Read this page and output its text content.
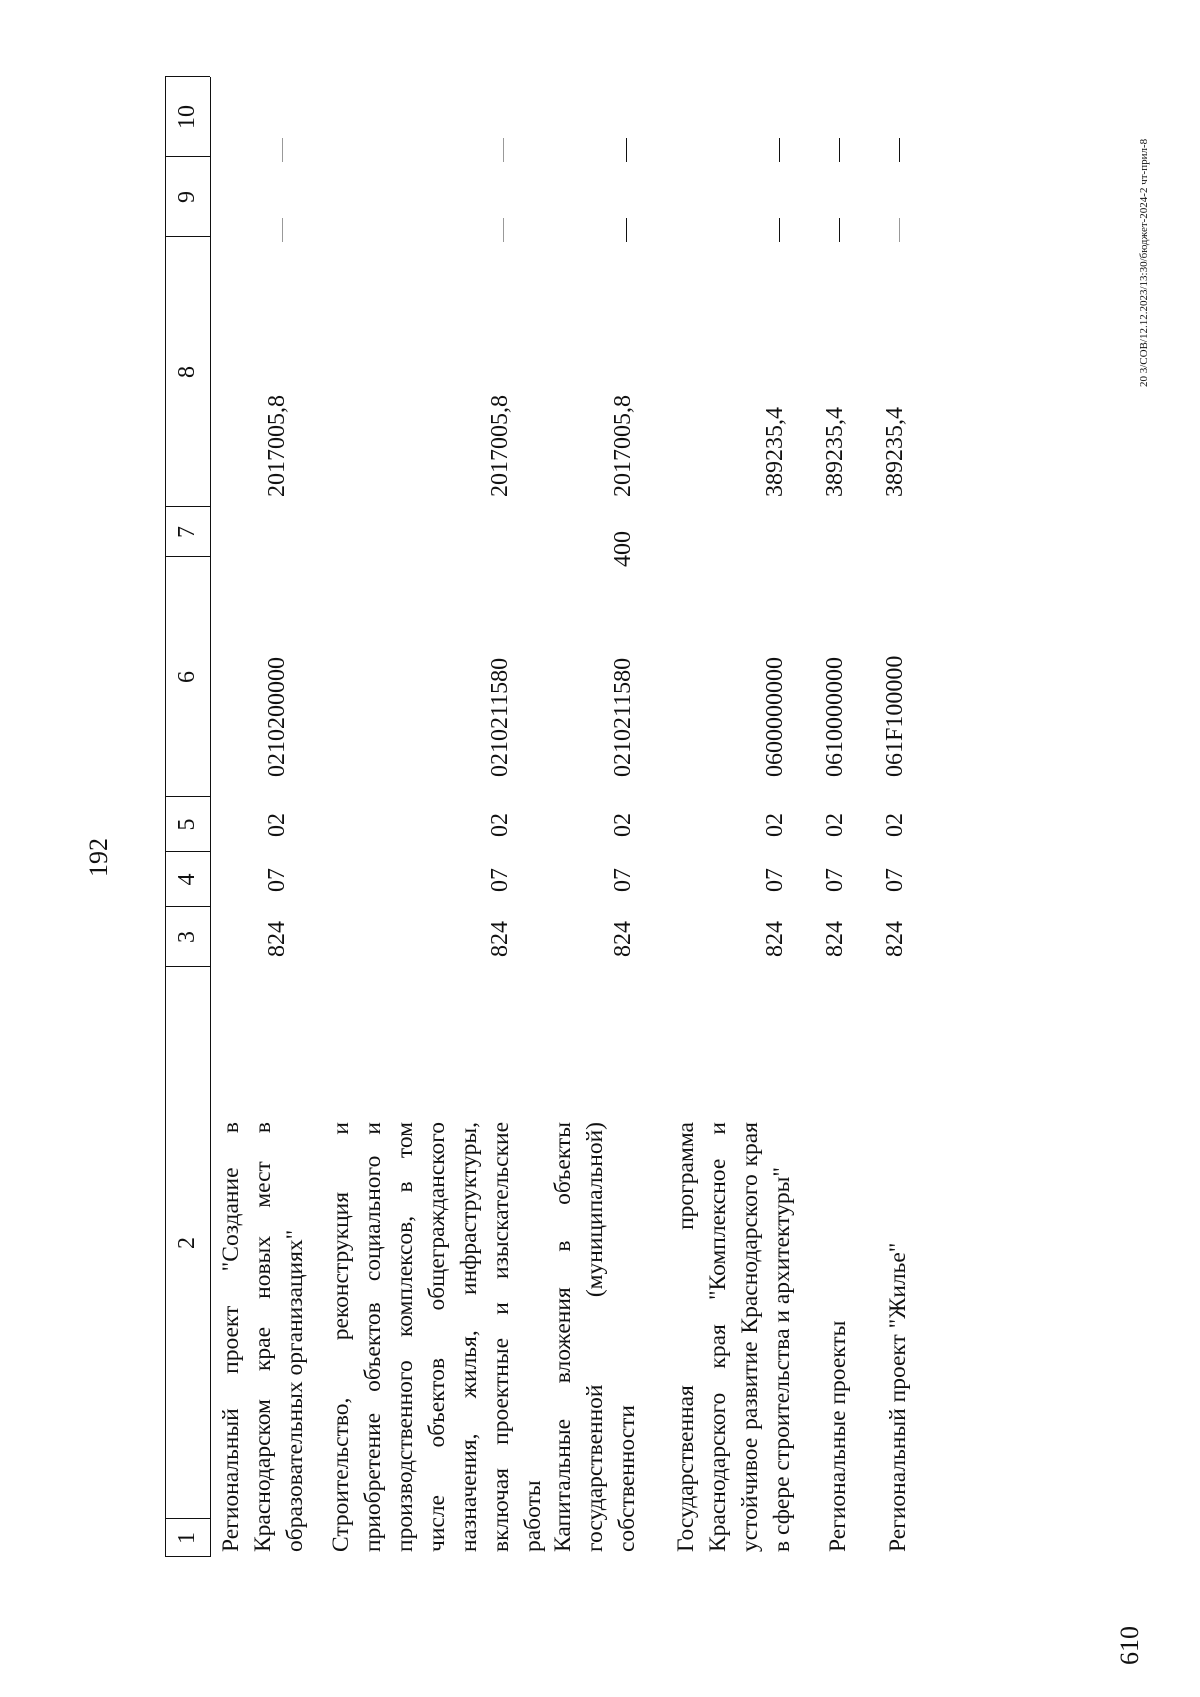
192
1
2
3
4
5
6
7
8
9
10
Региональный проект "Создание в Краснодарском крае новых мест в образовательных организациях"
824
07
02
0210200000
2017005,8
Строительство, реконструкция и приобретение объектов социального и производственного комплексов, в том числе объектов общегражданского назначения, жилья, инфраструктуры, включая проектные и изыскательские работы
824
07
02
0210211580
2017005,8
Капитальные вложения в объекты государственной (муниципальной) собственности
824
07
02
0210211580
400
2017005,8
Государственная программа Краснодарского края "Комплексное и устойчивое развитие Краснодарского края в сфере строительства и архитектуры"
824
07
02
0600000000
389235,4
Региональные проекты
824
07
02
0610000000
389235,4
Региональный проект "Жилье"
824
07
02
061F100000
389235,4
610
20 3/СОВ/12.12.2023/13:30/бюджет-2024-2 чт-прил-8
